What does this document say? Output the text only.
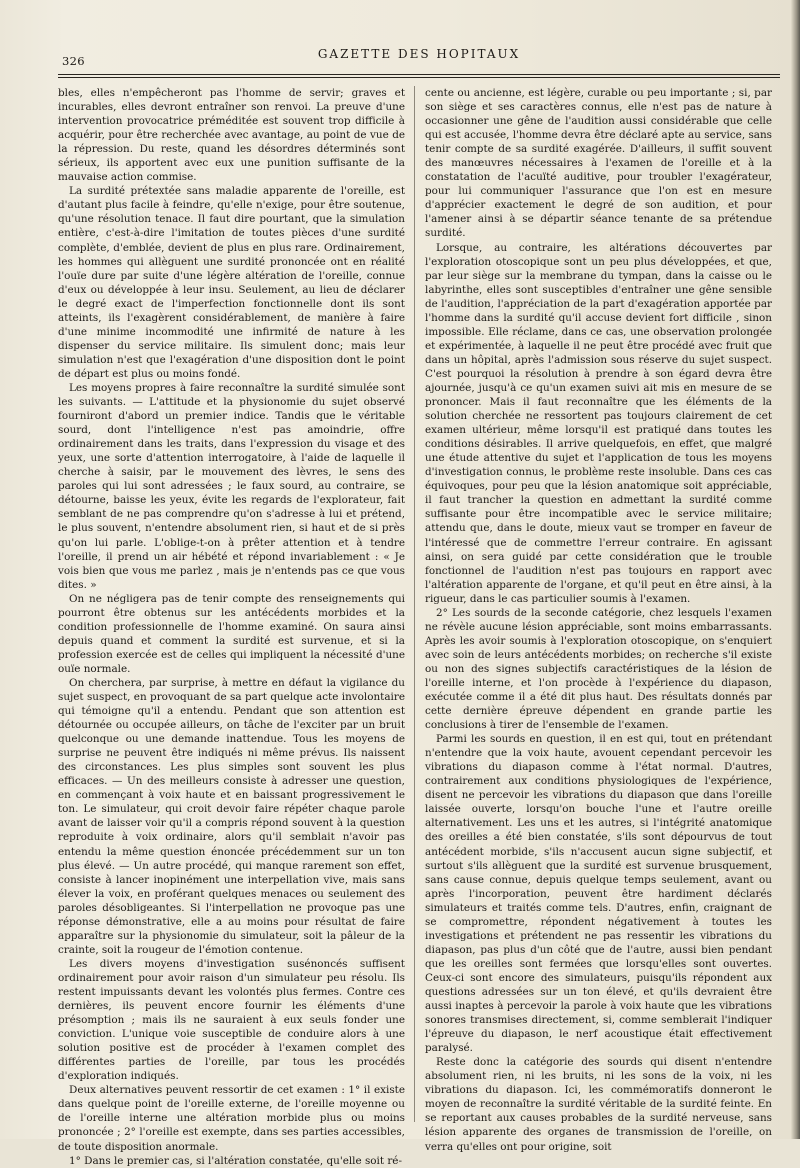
326	GAZETTE DES HOPITAUX

bles, elles n'empêcheront pas l'homme de servir; graves et incurables, elles devront entraîner son renvoi. La preuve d'une intervention provocatrice préméditée est souvent trop difficile à acquérir, pour être recherchée avec avantage, au point de vue de la répression. Du reste, quand les désordres déterminés sont sérieux, ils apportent avec eux une punition suffisante de la mauvaise action commise.

La surdité prétextée sans maladie apparente de l'oreille, est d'autant plus facile à feindre, qu'elle n'exige, pour être soutenue, qu'une résolution tenace. Il faut dire pourtant, que la simulation entière, c'est-à-dire l'imitation de toutes pièces d'une surdité complète, d'emblée, devient de plus en plus rare. Ordinairement, les hommes qui allèguent une surdité prononcée ont en réalité l'ouïe dure par suite d'une légère altération de l'oreille, connue d'eux ou développée à leur insu. Seulement, au lieu de déclarer le degré exact de l'imperfection fonctionnelle dont ils sont atteints, ils l'exagèrent considérablement, de manière à faire d'une minime incommodité une infirmité de nature à les dispenser du service militaire. Ils simulent donc; mais leur simulation n'est que l'exagération d'une disposition dont le point de départ est plus ou moins fondé.

Les moyens propres à faire reconnaître la surdité simulée sont les suivants. — L'attitude et la physionomie du sujet observé fourniront d'abord un premier indice. Tandis que le véritable sourd, dont l'intelligence n'est pas amoindrie, offre ordinairement dans les traits, dans l'expression du visage et des yeux, une sorte d'attention interrogatoire, à l'aide de laquelle il cherche à saisir, par le mouvement des lèvres, le sens des paroles qui lui sont adressées ; le faux sourd, au contraire, se détourne, baisse les yeux, évite les regards de l'explorateur, fait semblant de ne pas comprendre qu'on s'adresse à lui et prétend, le plus souvent, n'entendre absolument rien, si haut et de si près qu'on lui parle. L'oblige-t-on à prêter attention et à tendre l'oreille, il prend un air hébété et répond invariablement : « Je vois bien que vous me parlez , mais je n'entends pas ce que vous dites. »

On ne négligera pas de tenir compte des renseignements qui pourront être obtenus sur les antécédents morbides et la condition professionnelle de l'homme examiné. On saura ainsi depuis quand et comment la surdité est survenue, et si la profession exercée est de celles qui impliquent la nécessité d'une ouïe normale.

On cherchera, par surprise, à mettre en défaut la vigilance du sujet suspect, en provoquant de sa part quelque acte involontaire qui témoigne qu'il a entendu. Pendant que son attention est détournée ou occupée ailleurs, on tâche de l'exciter par un bruit quelconque ou une demande inattendue. Tous les moyens de surprise ne peuvent être indiqués ni même prévus. Ils naissent des circonstances. Les plus simples sont souvent les plus efficaces. — Un des meilleurs consiste à adresser une question, en commençant à voix haute et en baissant progressivement le ton. Le simulateur, qui croit devoir faire répéter chaque parole avant de laisser voir qu'il a compris répond souvent à la question reproduite à voix ordinaire, alors qu'il semblait n'avoir pas entendu la même question énoncée précédemment sur un ton plus élevé. — Un autre procédé, qui manque rarement son effet, consiste à lancer inopinément une interpellation vive, mais sans élever la voix, en proférant quelques menaces ou seulement des paroles désobligeantes. Si l'interpellation ne provoque pas une réponse démonstrative, elle a au moins pour résultat de faire apparaître sur la physionomie du simulateur, soit la pâleur de la crainte, soit la rougeur de l'émotion contenue.

Les divers moyens d'investigation susénoncés suffisent ordinairement pour avoir raison d'un simulateur peu résolu. Ils restent impuissants devant les volontés plus fermes. Contre ces dernières, ils peuvent encore fournir les éléments d'une présomption ; mais ils ne sauraient à eux seuls fonder une conviction. L'unique voie susceptible de conduire alors à une solution positive est de procéder à l'examen complet des différentes parties de l'oreille, par tous les procédés d'exploration indiqués.

Deux alternatives peuvent ressortir de cet examen : 1° il existe dans quelque point de l'oreille externe, de l'oreille moyenne ou de l'oreille interne une altération morbide plus ou moins prononcée ; 2° l'oreille est exempte, dans ses parties accessibles, de toute disposition anormale.

1° Dans le premier cas, si l'altération constatée, qu'elle soit ré-

cente ou ancienne, est légère, curable ou peu importante ; si, par son siège et ses caractères connus, elle n'est pas de nature à occasionner une gêne de l'audition aussi considérable que celle qui est accusée, l'homme devra être déclaré apte au service, sans tenir compte de sa surdité exagérée. D'ailleurs, il suffit souvent des manœuvres nécessaires à l'examen de l'oreille et à la constatation de l'acuïté auditive, pour troubler l'exagérateur, pour lui communiquer l'assurance que l'on est en mesure d'apprécier exactement le degré de son audition, et pour l'amener ainsi à se départir séance tenante de sa prétendue surdité.

Lorsque, au contraire, les altérations découvertes par l'exploration otoscopique sont un peu plus développées, et que, par leur siège sur la membrane du tympan, dans la caisse ou le labyrinthe, elles sont susceptibles d'entraîner une gêne sensible de l'audition, l'appréciation de la part d'exagération apportée par l'homme dans la surdité qu'il accuse devient fort difficile , sinon impossible. Elle réclame, dans ce cas, une observation prolongée et expérimentée, à laquelle il ne peut être procédé avec fruit que dans un hôpital, après l'admission sous réserve du sujet suspect. C'est pourquoi la résolution à prendre à son égard devra être ajournée, jusqu'à ce qu'un examen suivi ait mis en mesure de se prononcer. Mais il faut reconnaître que les éléments de la solution cherchée ne ressortent pas toujours clairement de cet examen ultérieur, même lorsqu'il est pratiqué dans toutes les conditions désirables. Il arrive quelquefois, en effet, que malgré une étude attentive du sujet et l'application de tous les moyens d'investigation connus, le problème reste insoluble. Dans ces cas équivoques, pour peu que la lésion anatomique soit appréciable, il faut trancher la question en admettant la surdité comme suffisante pour être incompatible avec le service militaire; attendu que, dans le doute, mieux vaut se tromper en faveur de l'intéressé que de commettre l'erreur contraire. En agissant ainsi, on sera guidé par cette considération que le trouble fonctionnel de l'audition n'est pas toujours en rapport avec l'altération apparente de l'organe, et qu'il peut en être ainsi, à la rigueur, dans le cas particulier soumis à l'examen.

2° Les sourds de la seconde catégorie, chez lesquels l'examen ne révèle aucune lésion appréciable, sont moins embarrassants. Après les avoir soumis à l'exploration otoscopique, on s'enquiert avec soin de leurs antécédents morbides; on recherche s'il existe ou non des signes subjectifs caractéristiques de la lésion de l'oreille interne, et l'on procède à l'expérience du diapason, exécutée comme il a été dit plus haut. Des résultats donnés par cette dernière épreuve dépendent en grande partie les conclusions à tirer de l'ensemble de l'examen.

Parmi les sourds en question, il en est qui, tout en prétendant n'entendre que la voix haute, avouent cependant percevoir les vibrations du diapason comme à l'état normal. D'autres, contrairement aux conditions physiologiques de l'expérience, disent ne percevoir les vibrations du diapason que dans l'oreille laissée ouverte, lorsqu'on bouche l'une et l'autre oreille alternativement. Les uns et les autres, si l'intégrité anatomique des oreilles a été bien constatée, s'ils sont dépourvus de tout antécédent morbide, s'ils n'accusent aucun signe subjectif, et surtout s'ils allèguent que la surdité est survenue brusquement, sans cause connue, depuis quelque temps seulement, avant ou après l'incorporation, peuvent être hardiment déclarés simulateurs et traités comme tels. D'autres, enfin, craignant de se compromettre, répondent négativement à toutes les investigations et prétendent ne pas ressentir les vibrations du diapason, pas plus d'un côté que de l'autre, aussi bien pendant que les oreilles sont fermées que lorsqu'elles sont ouvertes. Ceux-ci sont encore des simulateurs, puisqu'ils répondent aux questions adressées sur un ton élevé, et qu'ils devraient être aussi inaptes à percevoir la parole à voix haute que les vibrations sonores transmises directement, si, comme semblerait l'indiquer l'épreuve du diapason, le nerf acoustique était effectivement paralysé.

Reste donc la catégorie des sourds qui disent n'entendre absolument rien, ni les bruits, ni les sons de la voix, ni les vibrations du diapason. Ici, les commémoratifs donneront le moyen de reconnaître la surdité véritable de la surdité feinte. En se reportant aux causes probables de la surdité nerveuse, sans lésion apparente des organes de transmission de l'oreille, on verra qu'elles ont pour origine, soit
